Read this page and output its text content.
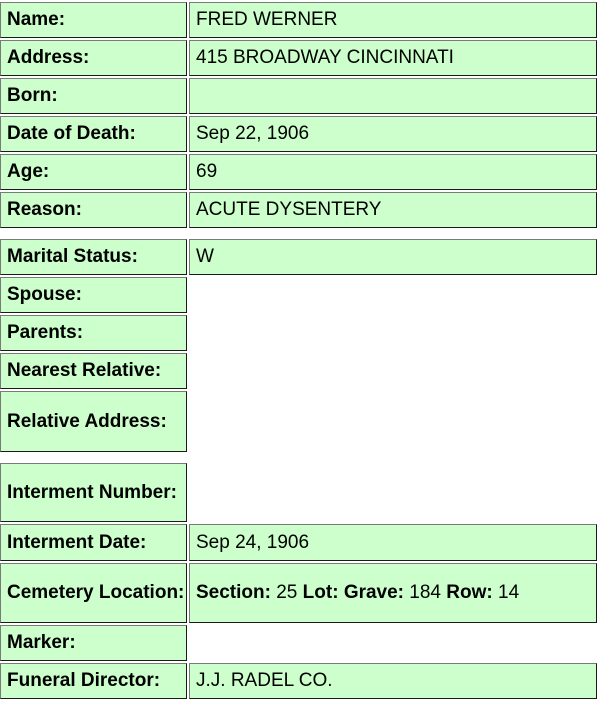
Name:	FRED WERNER
Address:	415 BROADWAY CINCINNATI
Born:
Date of Death:	Sep 22, 1906
Age:	69
Reason:	ACUTE DYSENTERY
Marital Status:	W
Spouse:
Parents:
Nearest Relative:
Relative Address:
Interment Number:
Interment Date:	Sep 24, 1906
Cemetery Location: Section: 25 Lot: Grave: 184 Row: 14
Marker:
Funeral Director: J.J. RADEL CO.
